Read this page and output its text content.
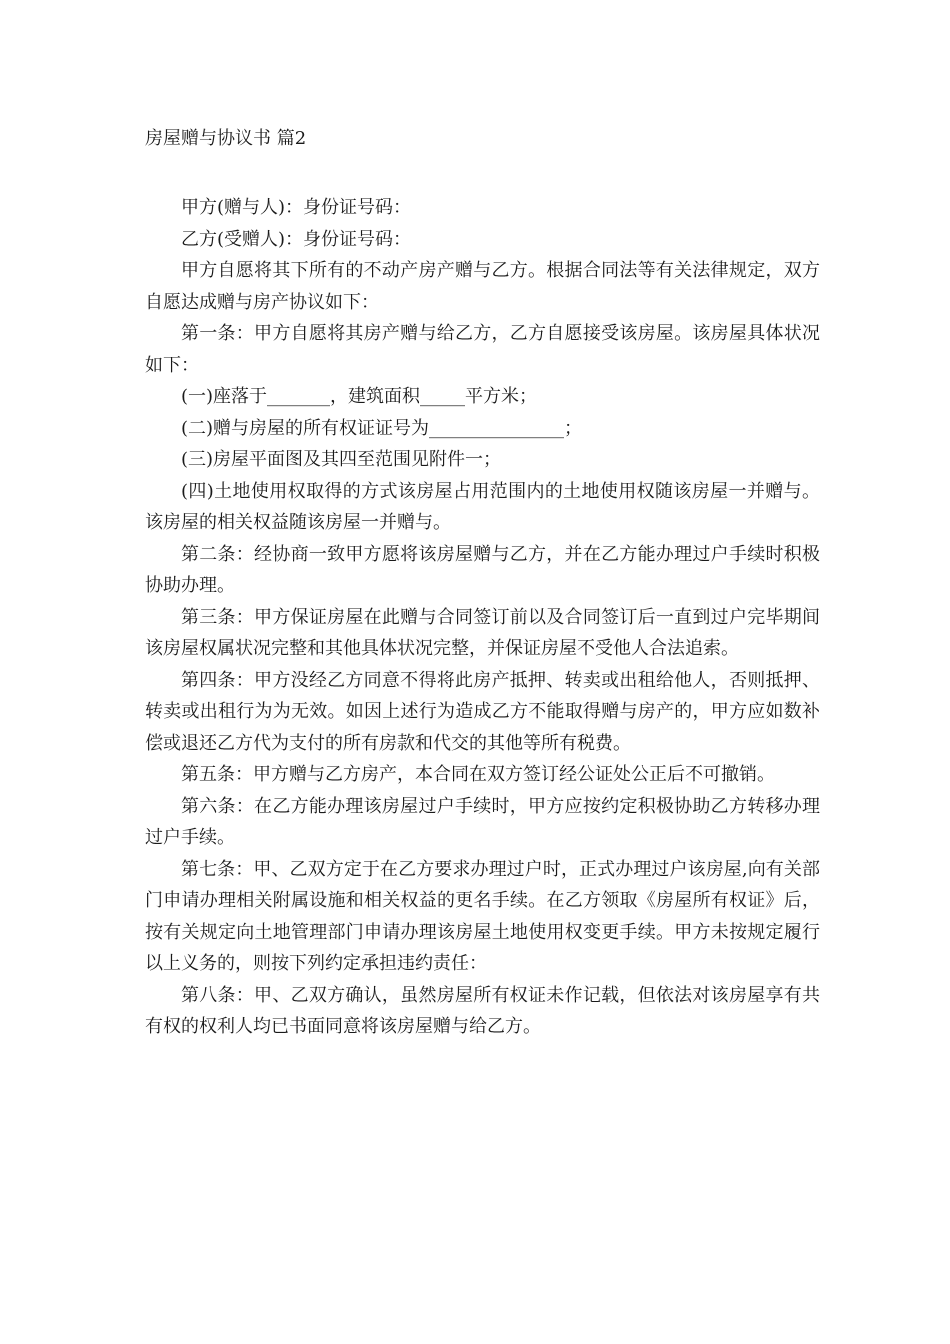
房屋赠与协议书 篇2

甲方(赠与人)：身份证号码：

乙方(受赠人)：身份证号码：

甲方自愿将其下所有的不动产房产赠与乙方。根据合同法等有关法律规定，双方自愿达成赠与房产协议如下：

第一条：甲方自愿将其房产赠与给乙方，乙方自愿接受该房屋。该房屋具体状况如下：

(一)座落于_______，建筑面积_____平方米；

(二)赠与房屋的所有权证证号为_______________；

(三)房屋平面图及其四至范围见附件一；

(四)土地使用权取得的方式该房屋占用范围内的土地使用权随该房屋一并赠与。该房屋的相关权益随该房屋一并赠与。

第二条：经协商一致甲方愿将该房屋赠与乙方，并在乙方能办理过户手续时积极协助办理。

第三条：甲方保证房屋在此赠与合同签订前以及合同签订后一直到过户完毕期间该房屋权属状况完整和其他具体状况完整，并保证房屋不受他人合法追索。

第四条：甲方没经乙方同意不得将此房产抵押、转卖或出租给他人，否则抵押、转卖或出租行为为无效。如因上述行为造成乙方不能取得赠与房产的，甲方应如数补偿或退还乙方代为支付的所有房款和代交的其他等所有税费。

第五条：甲方赠与乙方房产，本合同在双方签订经公证处公正后不可撤销。

第六条：在乙方能办理该房屋过户手续时，甲方应按约定积极协助乙方转移办理过户手续。

第七条：甲、乙双方定于在乙方要求办理过户时，正式办理过户该房屋,向有关部门申请办理相关附属设施和相关权益的更名手续。在乙方领取《房屋所有权证》后，按有关规定向土地管理部门申请办理该房屋土地使用权变更手续。甲方未按规定履行以上义务的，则按下列约定承担违约责任：

第八条：甲、乙双方确认，虽然房屋所有权证未作记载，但依法对该房屋享有共有权的权利人均已书面同意将该房屋赠与给乙方。
